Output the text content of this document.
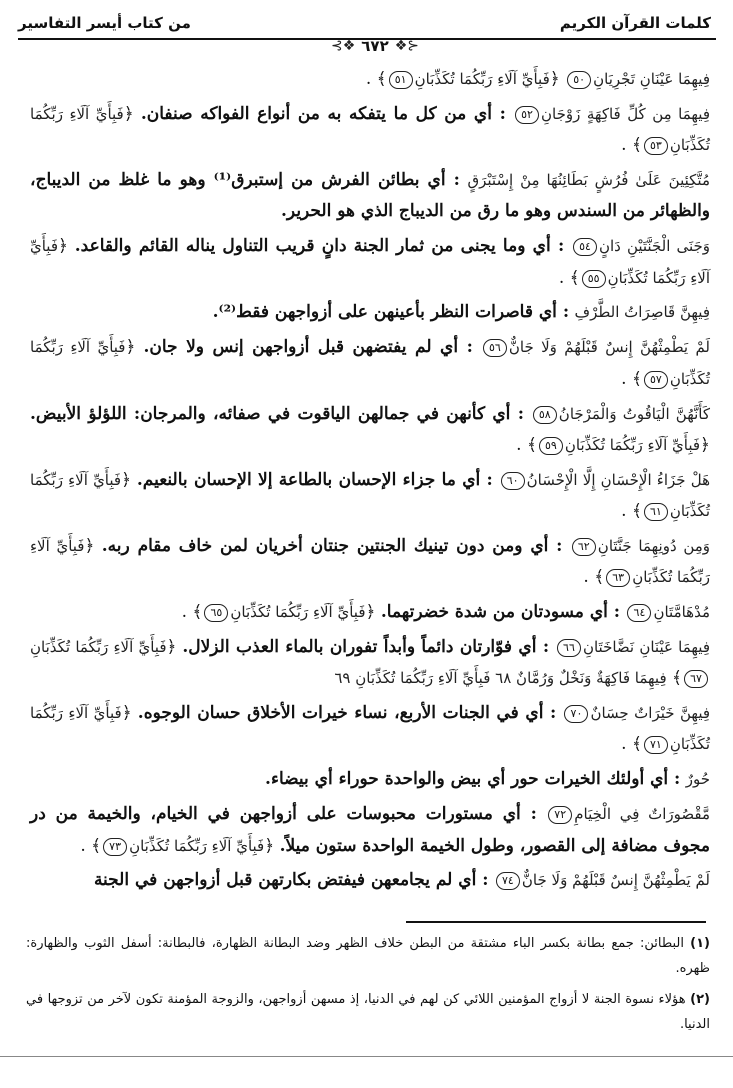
كلمات القرآن الكريم
من كتاب أيسر التفاسير
⊰❖ ٦٧٢ ❖⊱

فِيهِمَا عَيْنَانِ تَجْرِيَانِ٥٠ ﴿فَبِأَيِّ آلَاءِ رَبِّكُمَا تُكَذِّبَانِ٥١﴾ .

فِيهِمَا مِن كُلِّ فَاكِهَةٍ زَوْجَانِ٥٢ : أي من كل ما يتفكه به من أنواع الفواكه صنفان. ﴿فَبِأَيِّ آلَاءِ رَبِّكُمَا تُكَذِّبَانِ٥٣﴾ .

مُتَّكِئِينَ عَلَىٰ فُرُشٍ بَطَائِنُهَا مِنْ إِسْتَبْرَقٍ : أي بطائن الفرش من إستبرق⁽¹⁾ وهو ما غلظ من الديباج، والظهائر من السندس وهو ما رق من الديباج الذي هو الحرير.

وَجَنَى الْجَنَّتَيْنِ دَانٍ٥٤ : أي وما يجنى من ثمار الجنة دانٍ قريب التناول يناله القائم والقاعد. ﴿فَبِأَيِّ آلَاءِ رَبِّكُمَا تُكَذِّبَانِ٥٥﴾ .

فِيهِنَّ قَاصِرَاتُ الطَّرْفِ : أي قاصرات النظر بأعينهن على أزواجهن فقط⁽²⁾.

لَمْ يَطْمِثْهُنَّ إِنسٌ قَبْلَهُمْ وَلَا جَانٌّ٥٦ : أي لم يفتضهن قبل أزواجهن إنس ولا جان. ﴿فَبِأَيِّ آلَاءِ رَبِّكُمَا تُكَذِّبَانِ٥٧﴾ .

كَأَنَّهُنَّ الْيَاقُوتُ وَالْمَرْجَانُ٥٨ : أي كأنهن في جمالهن الياقوت في صفائه، والمرجان: اللؤلؤ الأبيض. ﴿فَبِأَيِّ آلَاءِ رَبِّكُمَا تُكَذِّبَانِ٥٩﴾ .

هَلْ جَزَاءُ الْإِحْسَانِ إِلَّا الْإِحْسَانُ٦٠ : أي ما جزاء الإحسان بالطاعة إلا الإحسان بالنعيم. ﴿فَبِأَيِّ آلَاءِ رَبِّكُمَا تُكَذِّبَانِ٦١﴾ .

وَمِن دُونِهِمَا جَنَّتَانِ٦٢ : أي ومن دون تينيك الجنتين جنتان أخريان لمن خاف مقام ربه. ﴿فَبِأَيِّ آلَاءِ رَبِّكُمَا تُكَذِّبَانِ٦٣﴾ .

مُدْهَامَّتَانِ٦٤ : أي مسودتان من شدة خضرتهما. ﴿فَبِأَيِّ آلَاءِ رَبِّكُمَا تُكَذِّبَانِ٦٥﴾ .

فِيهِمَا عَيْنَانِ نَضَّاخَتَانِ٦٦ : أي فوّارتان دائماً وأبداً تفوران بالماء العذب الزلال. ﴿فَبِأَيِّ آلَاءِ رَبِّكُمَا تُكَذِّبَانِ٦٧﴾ فِيهِمَا فَاكِهَةٌ وَنَخْلٌ وَرُمَّانٌ ٦٨ فَبِأَيِّ آلَاءِ رَبِّكُمَا تُكَذِّبَانِ ٦٩

فِيهِنَّ خَيْرَاتٌ حِسَانٌ٧٠ : أي في الجنات الأربع، نساء خيرات الأخلاق حسان الوجوه. ﴿فَبِأَيِّ آلَاءِ رَبِّكُمَا تُكَذِّبَانِ٧١﴾ .

حُورٌ : أي أولئك الخيرات حور أي بيض والواحدة حوراء أي بيضاء.

مَّقْصُورَاتٌ فِي الْخِيَامِ٧٢ : أي مستورات محبوسات على أزواجهن في الخيام، والخيمة من در مجوف مضافة إلى القصور، وطول الخيمة الواحدة ستون ميلاً. ﴿فَبِأَيِّ آلَاءِ رَبِّكُمَا تُكَذِّبَانِ٧٣﴾ .

لَمْ يَطْمِثْهُنَّ إِنسٌ قَبْلَهُمْ وَلَا جَانٌّ٧٤ : أي لم يجامعهن فيفتض بكارتهن قبل أزواجهن في الجنة

(١) البطائن: جمع بطانة بكسر الباء مشتقة من البطن خلاف الظهر وضد البطانة الظهارة، فالبطانة: أسفل الثوب والظهارة: ظهره.

(٢) هؤلاء نسوة الجنة لا أزواج المؤمنين اللائي كن لهم في الدنيا، إذ مسهن أزواجهن، والزوجة المؤمنة تكون لآخر من تزوجها في الدنيا.
